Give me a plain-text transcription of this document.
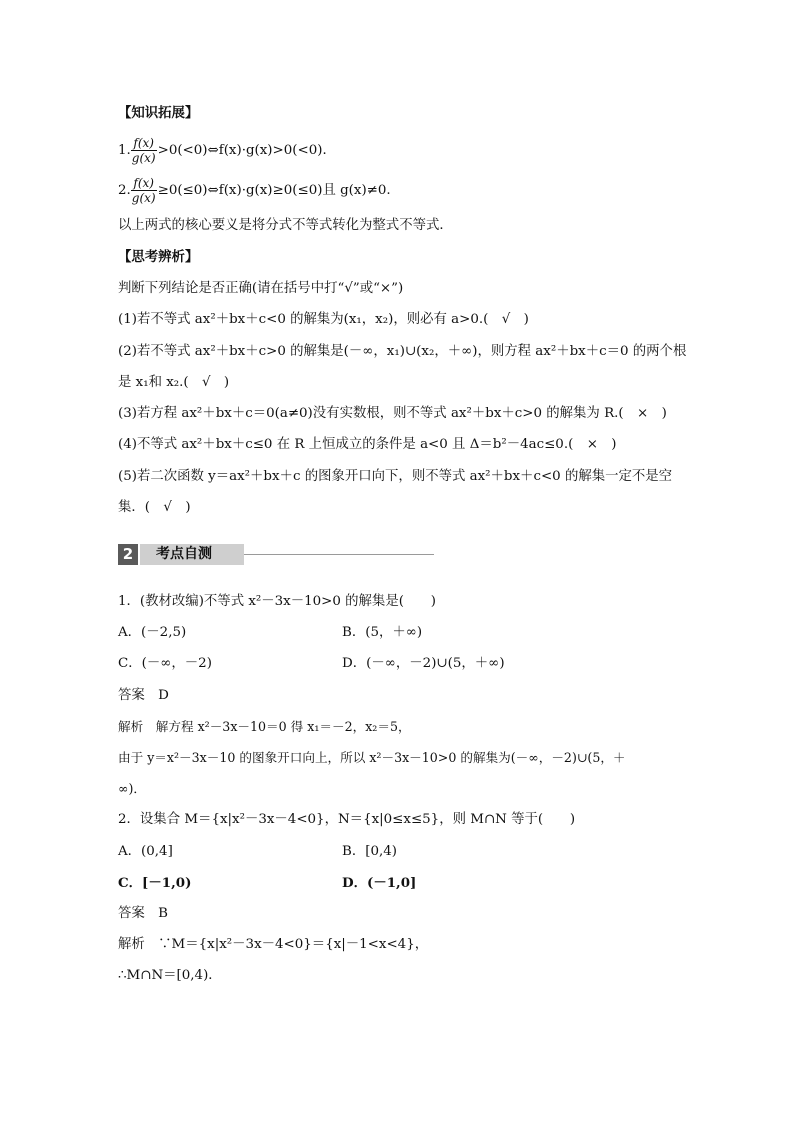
【知识拓展】
1. $\frac{f(x)}{g(x)}$ >0(<0)⇔f(x)·g(x)>0(<0)．
2. $\frac{f(x)}{g(x)}$ ≥0(≤0)⇔f(x)·g(x)≥0(≤0)且 g(x)≠0.
以上两式的核心要义是将分式不等式转化为整式不等式．
【思考辨析】
判断下列结论是否正确(请在括号中打“√”或“×”)
(1)若不等式 ax²＋bx＋c<0 的解集为(x₁，x₂)，则必有 a>0.(　√　)
(2)若不等式 ax²＋bx＋c>0 的解集是(－∞，x₁)∪(x₂，＋∞)，则方程 ax²＋bx＋c＝0 的两个根
是 x₁和 x₂.(　√　)
(3)若方程 ax²＋bx＋c＝0(a≠0)没有实数根，则不等式 ax²＋bx＋c>0 的解集为 R.(　×　)
(4)不等式 ax²＋bx＋c≤0 在 R 上恒成立的条件是 a<0 且 Δ＝b²－4ac≤0.(　×　)
(5)若二次函数 y＝ax²＋bx＋c 的图象开口向下，则不等式 ax²＋bx＋c<0 的解集一定不是空
集．(　√　)
2	考点自测
1．(教材改编)不等式 x²－3x－10>0 的解集是(　　)
A．(－2,5)	B．(5，＋∞)
C．(－∞，－2)	D．(－∞，－2)∪(5，＋∞)
答案　D
解析　解方程 x²－3x－10＝0 得 x₁＝－2，x₂＝5，
由于 y＝x²－3x－10 的图象开口向上，所以 x²－3x－10>0 的解集为(－∞，－2)∪(5，＋
∞)．
2．设集合 M＝{x|x²－3x－4<0}，N＝{x|0≤x≤5}，则 M∩N 等于(　　)
A．(0,4]	B．[0,4)
C．[－1,0)	D．(－1,0]
答案　B
解析　∵M＝{x|x²－3x－4<0}＝{x|－1<x<4}，
∴M∩N＝[0,4)．
